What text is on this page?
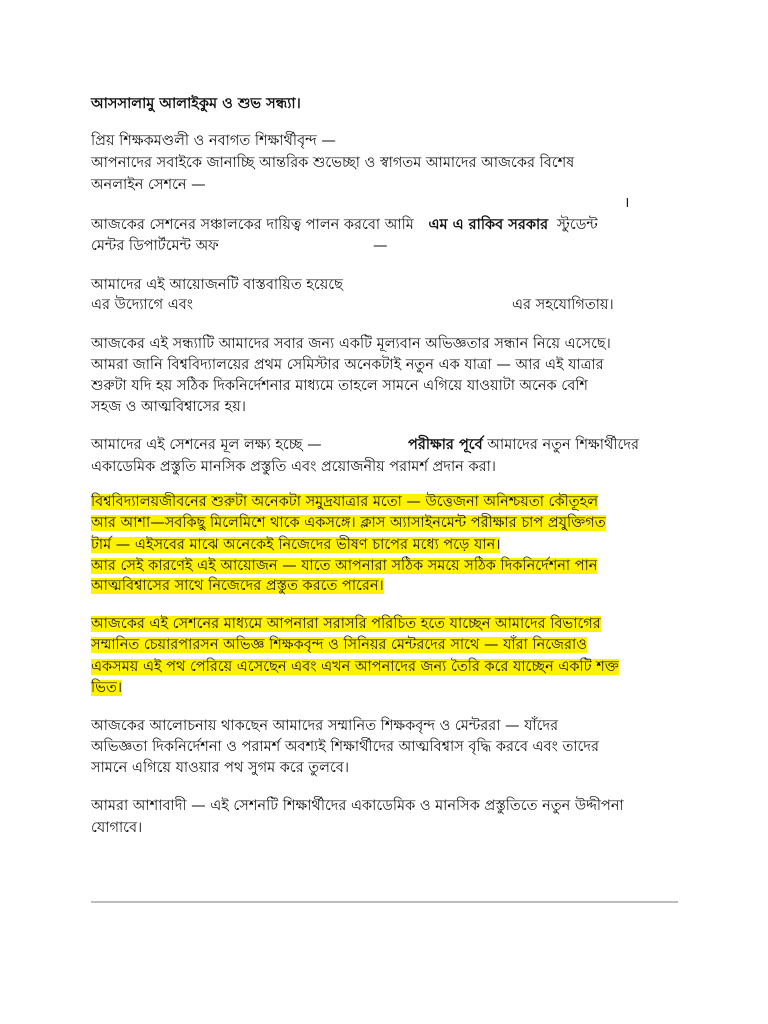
আসসালামু আলাইকুম ও শুভ সন্ধ্যা।
প্রিয় শিক্ষকমণ্ডলী ও নবাগত শিক্ষার্থীবৃন্দ —
আপনাদের সবাইকে জানাচ্ছি আন্তরিক শুভেচ্ছা ও স্বাগতম আমাদের আজকের বিশেষ
অনলাইন সেশনে —
।
আজকের সেশনের সঞ্চালকের দায়িত্ব পালন করবো আমি এম এ রাকিব সরকার স্টুডেন্ট
মেন্টর ডিপার্টমেন্ট অফ	—
আমাদের এই আয়োজনটি বাস্তবায়িত হয়েছে
এর উদ্যোগে এবং	এর সহযোগিতায়।
আজকের এই সন্ধ্যাটি আমাদের সবার জন্য একটি মূল্যবান অভিজ্ঞতার সন্ধান নিয়ে এসেছে।
আমরা জানি বিশ্ববিদ্যালয়ের প্রথম সেমিস্টার অনেকটাই নতুন এক যাত্রা — আর এই যাত্রার
শুরুটা যদি হয় সঠিক দিকনির্দেশনার মাধ্যমে তাহলে সামনে এগিয়ে যাওয়াটা অনেক বেশি
সহজ ও আত্মবিশ্বাসের হয়।
আমাদের এই সেশনের মূল লক্ষ্য হচ্ছে —	পরীক্ষার পূর্বে আমাদের নতুন শিক্ষার্থীদের
একাডেমিক প্রস্তুতি মানসিক প্রস্তুতি এবং প্রয়োজনীয় পরামর্শ প্রদান করা।
বিশ্ববিদ্যালয়জীবনের শুরুটা অনেকটা সমুদ্রযাত্রার মতো — উত্তেজনা অনিশ্চয়তা কৌতূহল
আর আশা—সবকিছু মিলেমিশে থাকে একসঙ্গে। ক্লাস অ্যাসাইনমেন্ট পরীক্ষার চাপ প্রযুক্তিগত
টার্ম — এইসবের মাঝে অনেকেই নিজেদের ভীষণ চাপের মধ্যে পড়ে যান।
আর সেই কারণেই এই আয়োজন — যাতে আপনারা সঠিক সময়ে সঠিক দিকনির্দেশনা পান
আত্মবিশ্বাসের সাথে নিজেদের প্রস্তুত করতে পারেন।
আজকের এই সেশনের মাধ্যমে আপনারা সরাসরি পরিচিত হতে যাচ্ছেন আমাদের বিভাগের
সম্মানিত চেয়ারপারসন অভিজ্ঞ শিক্ষকবৃন্দ ও সিনিয়র মেন্টরদের সাথে — যাঁরা নিজেরাও
একসময় এই পথ পেরিয়ে এসেছেন এবং এখন আপনাদের জন্য তৈরি করে যাচ্ছেন একটি শক্ত
ভিত।
আজকের আলোচনায় থাকছেন আমাদের সম্মানিত শিক্ষকবৃন্দ ও মেন্টররা — যাঁদের
অভিজ্ঞতা দিকনির্দেশনা ও পরামর্শ অবশ্যই শিক্ষার্থীদের আত্মবিশ্বাস বৃদ্ধি করবে এবং তাদের
সামনে এগিয়ে যাওয়ার পথ সুগম করে তুলবে।
আমরা আশাবাদী — এই সেশনটি শিক্ষার্থীদের একাডেমিক ও মানসিক প্রস্তুতিতে নতুন উদ্দীপনা
যোগাবে।
